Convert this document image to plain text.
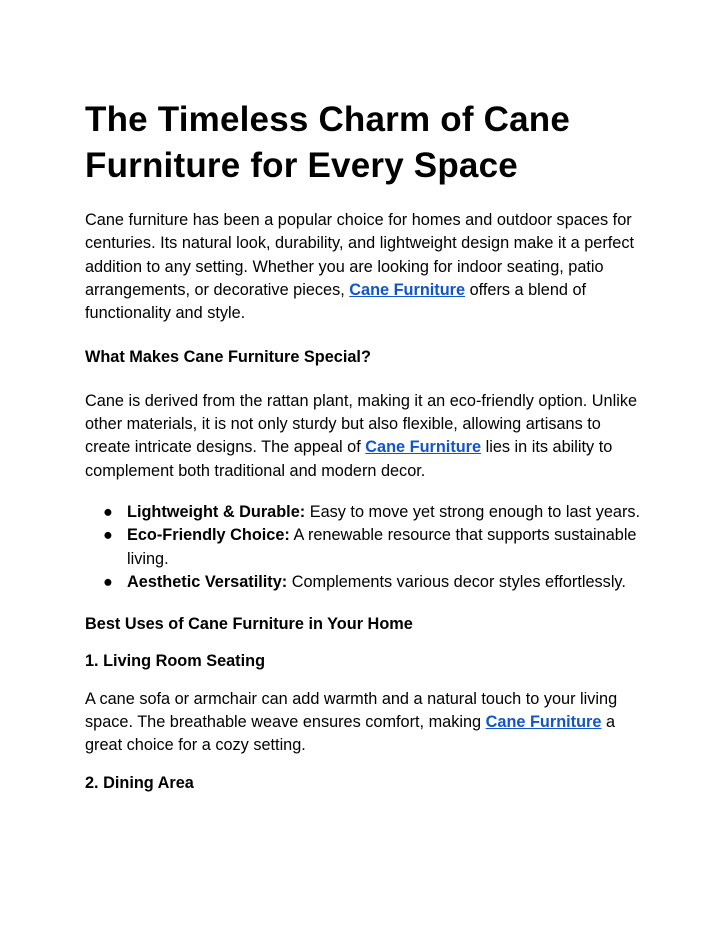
The Timeless Charm of Cane Furniture for Every Space

Cane furniture has been a popular choice for homes and outdoor spaces for centuries. Its natural look, durability, and lightweight design make it a perfect addition to any setting. Whether you are looking for indoor seating, patio arrangements, or decorative pieces, Cane Furniture offers a blend of functionality and style.

What Makes Cane Furniture Special?

Cane is derived from the rattan plant, making it an eco-friendly option. Unlike other materials, it is not only sturdy but also flexible, allowing artisans to create intricate designs. The appeal of Cane Furniture lies in its ability to complement both traditional and modern decor.

● Lightweight & Durable: Easy to move yet strong enough to last years.
● Eco-Friendly Choice: A renewable resource that supports sustainable living.
● Aesthetic Versatility: Complements various decor styles effortlessly.

Best Uses of Cane Furniture in Your Home

1. Living Room Seating

A cane sofa or armchair can add warmth and a natural touch to your living space. The breathable weave ensures comfort, making Cane Furniture a great choice for a cozy setting.

2. Dining Area
